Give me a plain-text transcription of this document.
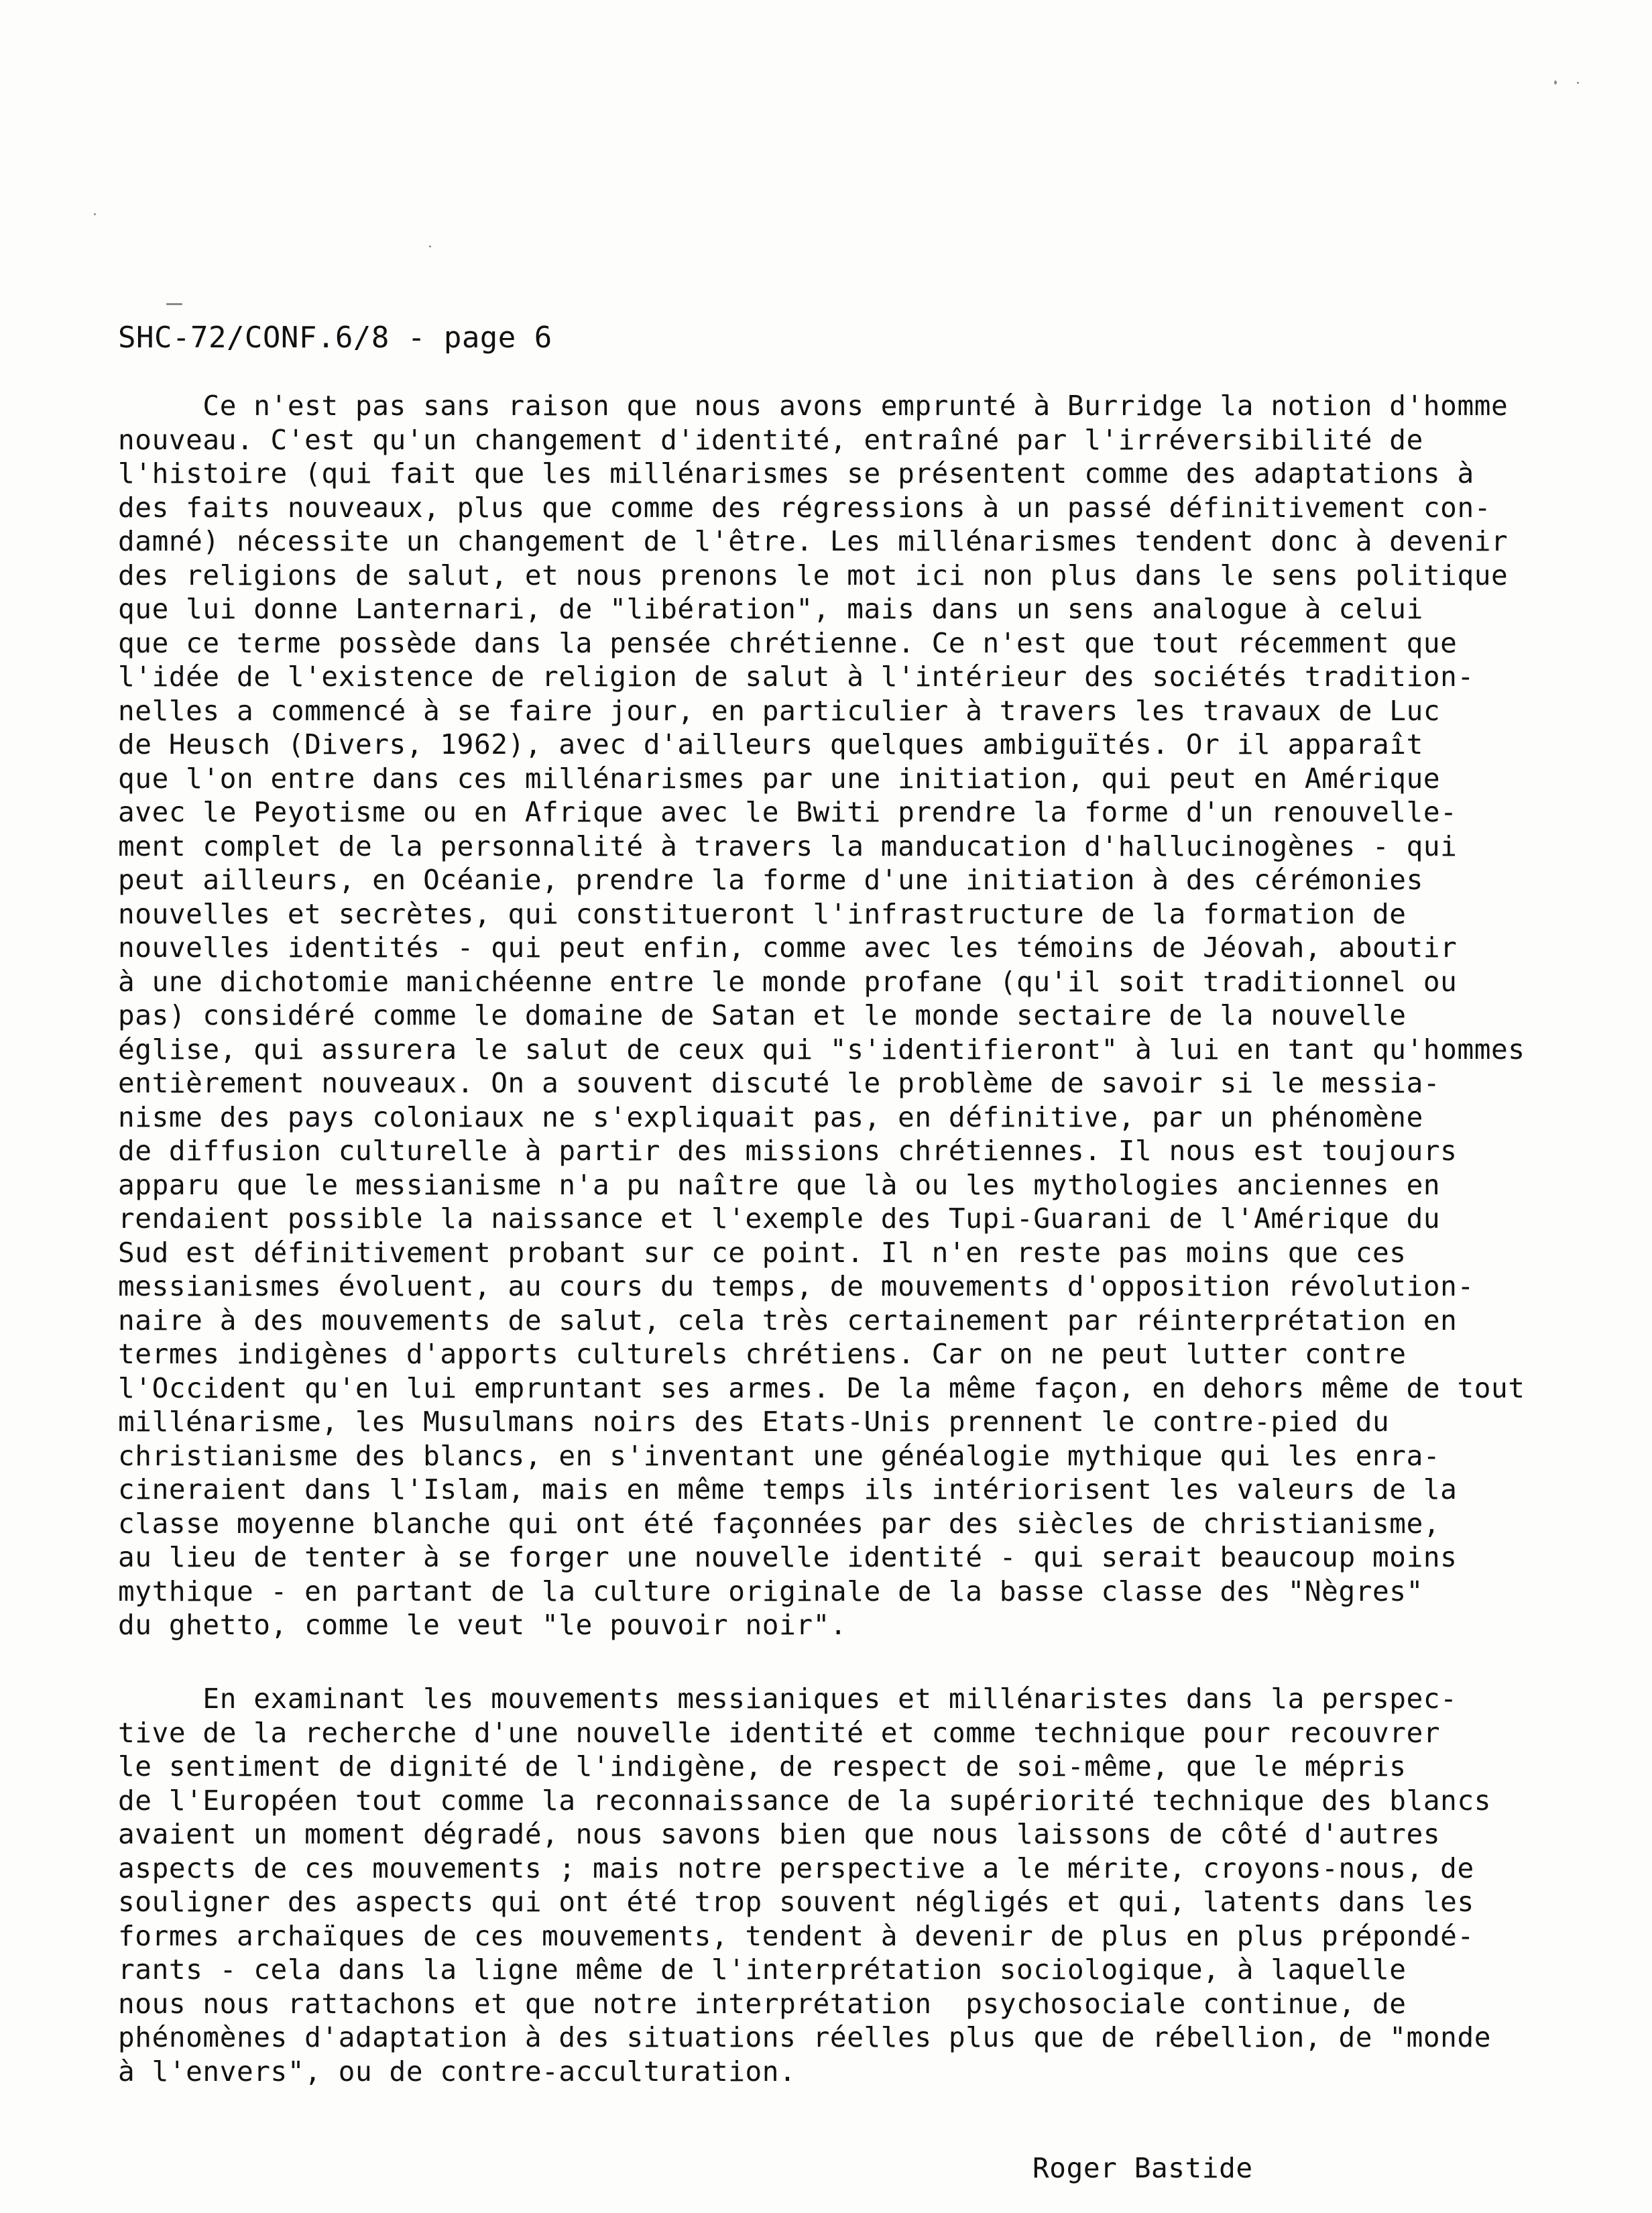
SHC-72/CONF.6/8 - page 6
Ce n'est pas sans raison que nous avons emprunté à Burridge la notion d'homme
nouveau. C'est qu'un changement d'identité, entraîné par l'irréversibilité de
l'histoire (qui fait que les millénarismes se présentent comme des adaptations à
des faits nouveaux, plus que comme des régressions à un passé définitivement con-
damné) nécessite un changement de l'être. Les millénarismes tendent donc à devenir
des religions de salut, et nous prenons le mot ici non plus dans le sens politique
que lui donne Lanternari, de "libération", mais dans un sens analogue à celui
que ce terme possède dans la pensée chrétienne. Ce n'est que tout récemment que
l'idée de l'existence de religion de salut à l'intérieur des sociétés tradition-
nelles a commencé à se faire jour, en particulier à travers les travaux de Luc
de Heusch (Divers, 1962), avec d'ailleurs quelques ambiguïtés. Or il apparaît
que l'on entre dans ces millénarismes par une initiation, qui peut en Amérique
avec le Peyotisme ou en Afrique avec le Bwiti prendre la forme d'un renouvelle-
ment complet de la personnalité à travers la manducation d'hallucinogènes - qui
peut ailleurs, en Océanie, prendre la forme d'une initiation à des cérémonies
nouvelles et secrètes, qui constitueront l'infrastructure de la formation de
nouvelles identités - qui peut enfin, comme avec les témoins de Jéovah, aboutir
à une dichotomie manichéenne entre le monde profane (qu'il soit traditionnel ou
pas) considéré comme le domaine de Satan et le monde sectaire de la nouvelle
église, qui assurera le salut de ceux qui "s'identifieront" à lui en tant qu'hommes
entièrement nouveaux. On a souvent discuté le problème de savoir si le messia-
nisme des pays coloniaux ne s'expliquait pas, en définitive, par un phénomène
de diffusion culturelle à partir des missions chrétiennes. Il nous est toujours
apparu que le messianisme n'a pu naître que là ou les mythologies anciennes en
rendaient possible la naissance et l'exemple des Tupi-Guarani de l'Amérique du
Sud est définitivement probant sur ce point. Il n'en reste pas moins que ces
messianismes évoluent, au cours du temps, de mouvements d'opposition révolution-
naire à des mouvements de salut, cela très certainement par réinterprétation en
termes indigènes d'apports culturels chrétiens. Car on ne peut lutter contre
l'Occident qu'en lui empruntant ses armes. De la même façon, en dehors même de tout
millénarisme, les Musulmans noirs des Etats-Unis prennent le contre-pied du
christianisme des blancs, en s'inventant une généalogie mythique qui les enra-
cineraient dans l'Islam, mais en même temps ils intériorisent les valeurs de la
classe moyenne blanche qui ont été façonnées par des siècles de christianisme,
au lieu de tenter à se forger une nouvelle identité - qui serait beaucoup moins
mythique - en partant de la culture originale de la basse classe des "Nègres"
du ghetto, comme le veut "le pouvoir noir".
En examinant les mouvements messianiques et millénaristes dans la perspec-
tive de la recherche d'une nouvelle identité et comme technique pour recouvrer
le sentiment de dignité de l'indigène, de respect de soi-même, que le mépris
de l'Européen tout comme la reconnaissance de la supériorité technique des blancs
avaient un moment dégradé, nous savons bien que nous laissons de côté d'autres
aspects de ces mouvements ; mais notre perspective a le mérite, croyons-nous, de
souligner des aspects qui ont été trop souvent négligés et qui, latents dans les
formes archaïques de ces mouvements, tendent à devenir de plus en plus prépondé-
rants - cela dans la ligne même de l'interprétation sociologique, à laquelle
nous nous rattachons et que notre interprétation  psychosociale continue, de
phénomènes d'adaptation à des situations réelles plus que de rébellion, de "monde
à l'envers", ou de contre-acculturation.
Roger Bastide
